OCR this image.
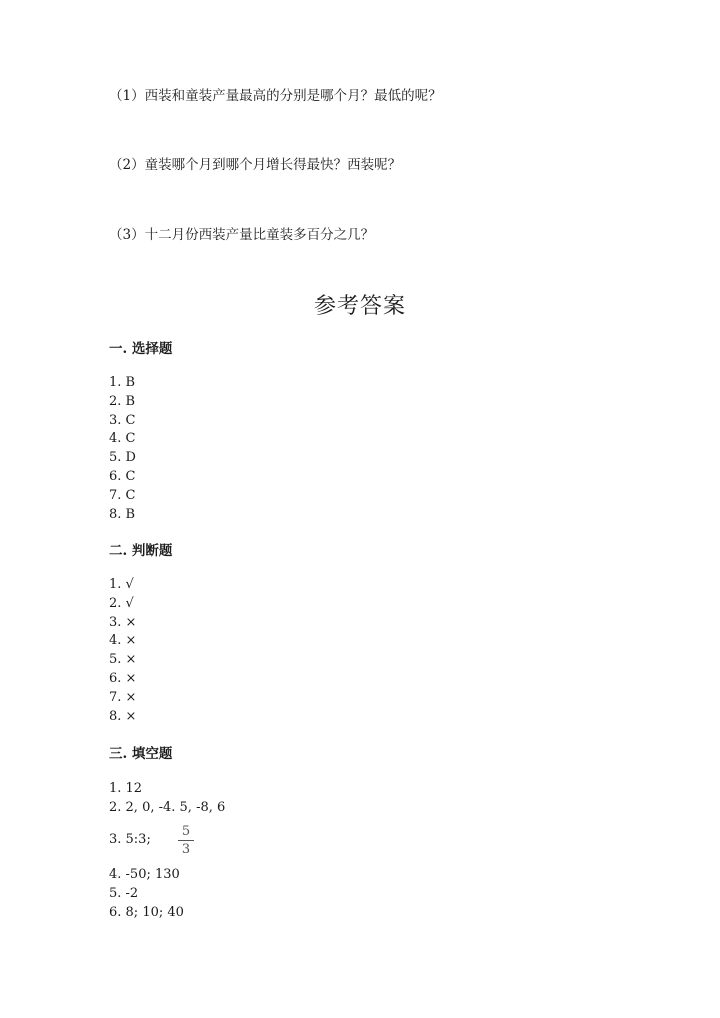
（1）西装和童装产量最高的分别是哪个月？最低的呢？
（2）童装哪个月到哪个月增长得最快？西装呢？
（3）十二月份西装产量比童装多百分之几？
参考答案
一. 选择题
1. B
2. B
3. C
4. C
5. D
6. C
7. C
8. B
二. 判断题
1. √
2. √
3. ×
4. ×
5. ×
6. ×
7. ×
8. ×
三. 填空题
1. 12
2. 2, 0, -4. 5, -8, 6
3. 5:3;
5
3
4. -50; 130
5. -2
6. 8; 10; 40
